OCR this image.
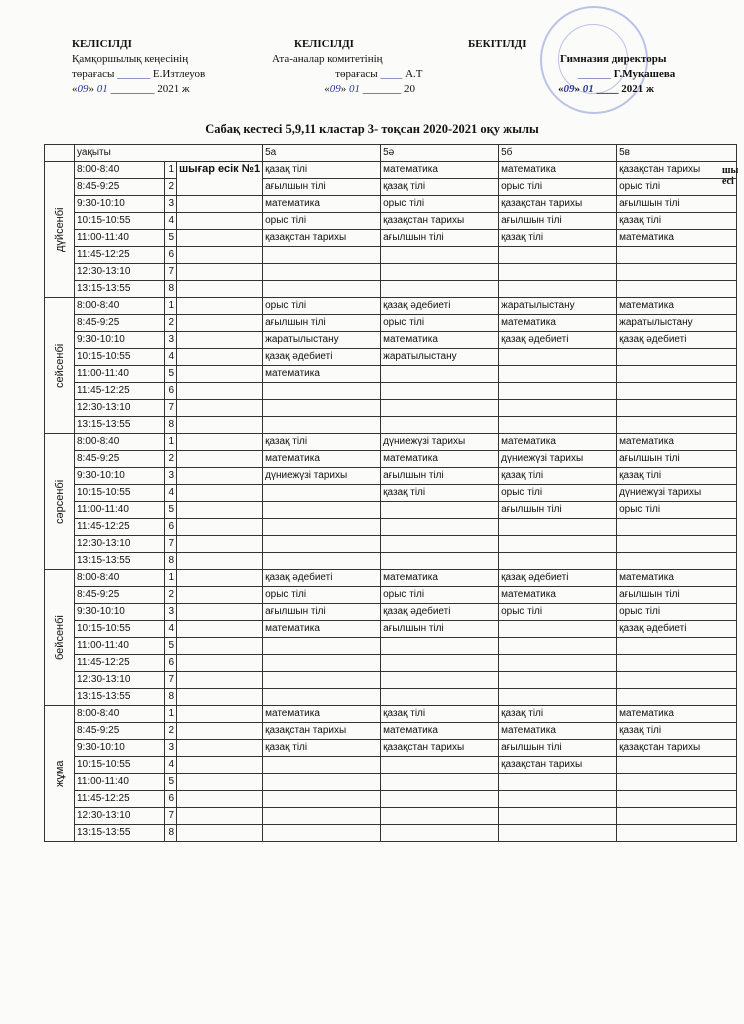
КЕЛІСІЛДІ
Қамқоршылық кеңесінің
төрағасы ______ Е.Изтлеуов
«09» 01 ________ 2021 ж
КЕЛІСІЛДІ
Ата-аналар комитетінің
төрағасы ____ А.Т
«09» 01 _______ 20
БЕКІТІЛДІ
Гимназия директоры
______ Г.Мукашева
«09» 01 ____ 2021 ж
Сабақ кестесі 5,9,11 кластар 3- тоқсан 2020-2021 оқу жылы
	уақыты			5а	5ә	5б	5в
дүйсенбі	8:00-8:40	1	шығар есік №1	қазақ тілі	математика	математика	қазақстан тарихы
	8:45-9:25	2		ағылшын тілі	қазақ тілі	орыс тілі	орыс тілі
	9:30-10:10	3		математика	орыс тілі	қазақстан тарихы	ағылшын тілі
	10:15-10:55	4		орыс тілі	қазақстан тарихы	ағылшын тілі	қазақ тілі
	11:00-11:40	5		қазақстан тарихы	ағылшын тілі	қазақ тілі	математика
	11:45-12:25	6					
	12:30-13:10	7					
	13:15-13:55	8					
сейсенбі	8:00-8:40	1		орыс тілі	қазақ әдебиеті	жаратылыстану	математика
	8:45-9:25	2		ағылшын тілі	орыс тілі	математика	жаратылыстану
	9:30-10:10	3		жаратылыстану	математика	қазақ әдебиеті	қазақ әдебиеті
	10:15-10:55	4		қазақ әдебиеті	жаратылыстану		
	11:00-11:40	5		математика			
	11:45-12:25	6					
	12:30-13:10	7					
	13:15-13:55	8					
сәрсенбі	8:00-8:40	1		қазақ тілі	дүниежүзі тарихы	математика	математика
	8:45-9:25	2		математика	математика	дүниежүзі тарихы	ағылшын тілі
	9:30-10:10	3		дүниежүзі тарихы	ағылшын тілі	қазақ тілі	қазақ тілі
	10:15-10:55	4			қазақ тілі	орыс тілі	дүниежүзі тарихы
	11:00-11:40	5				ағылшын тілі	орыс тілі
	11:45-12:25	6					
	12:30-13:10	7					
	13:15-13:55	8					
бейсенбі	8:00-8:40	1		қазақ әдебиеті	математика	қазақ әдебиеті	математика
	8:45-9:25	2		орыс тілі	орыс тілі	математика	ағылшын тілі
	9:30-10:10	3		ағылшын тілі	қазақ әдебиеті	орыс тілі	орыс тілі
	10:15-10:55	4		математика	ағылшын тілі		қазақ әдебиеті
	11:00-11:40	5					
	11:45-12:25	6					
	12:30-13:10	7					
	13:15-13:55	8					
жұма	8:00-8:40	1		математика	қазақ тілі	қазақ тілі	математика
	8:45-9:25	2		қазақстан тарихы	математика	математика	қазақ тілі
	9:30-10:10	3		қазақ тілі	қазақстан тарихы	ағылшын тілі	қазақстан тарихы
	10:15-10:55	4				қазақстан тарихы	
	11:00-11:40	5					
	11:45-12:25	6					
	12:30-13:10	7					
	13:15-13:55	8					
шы есі
